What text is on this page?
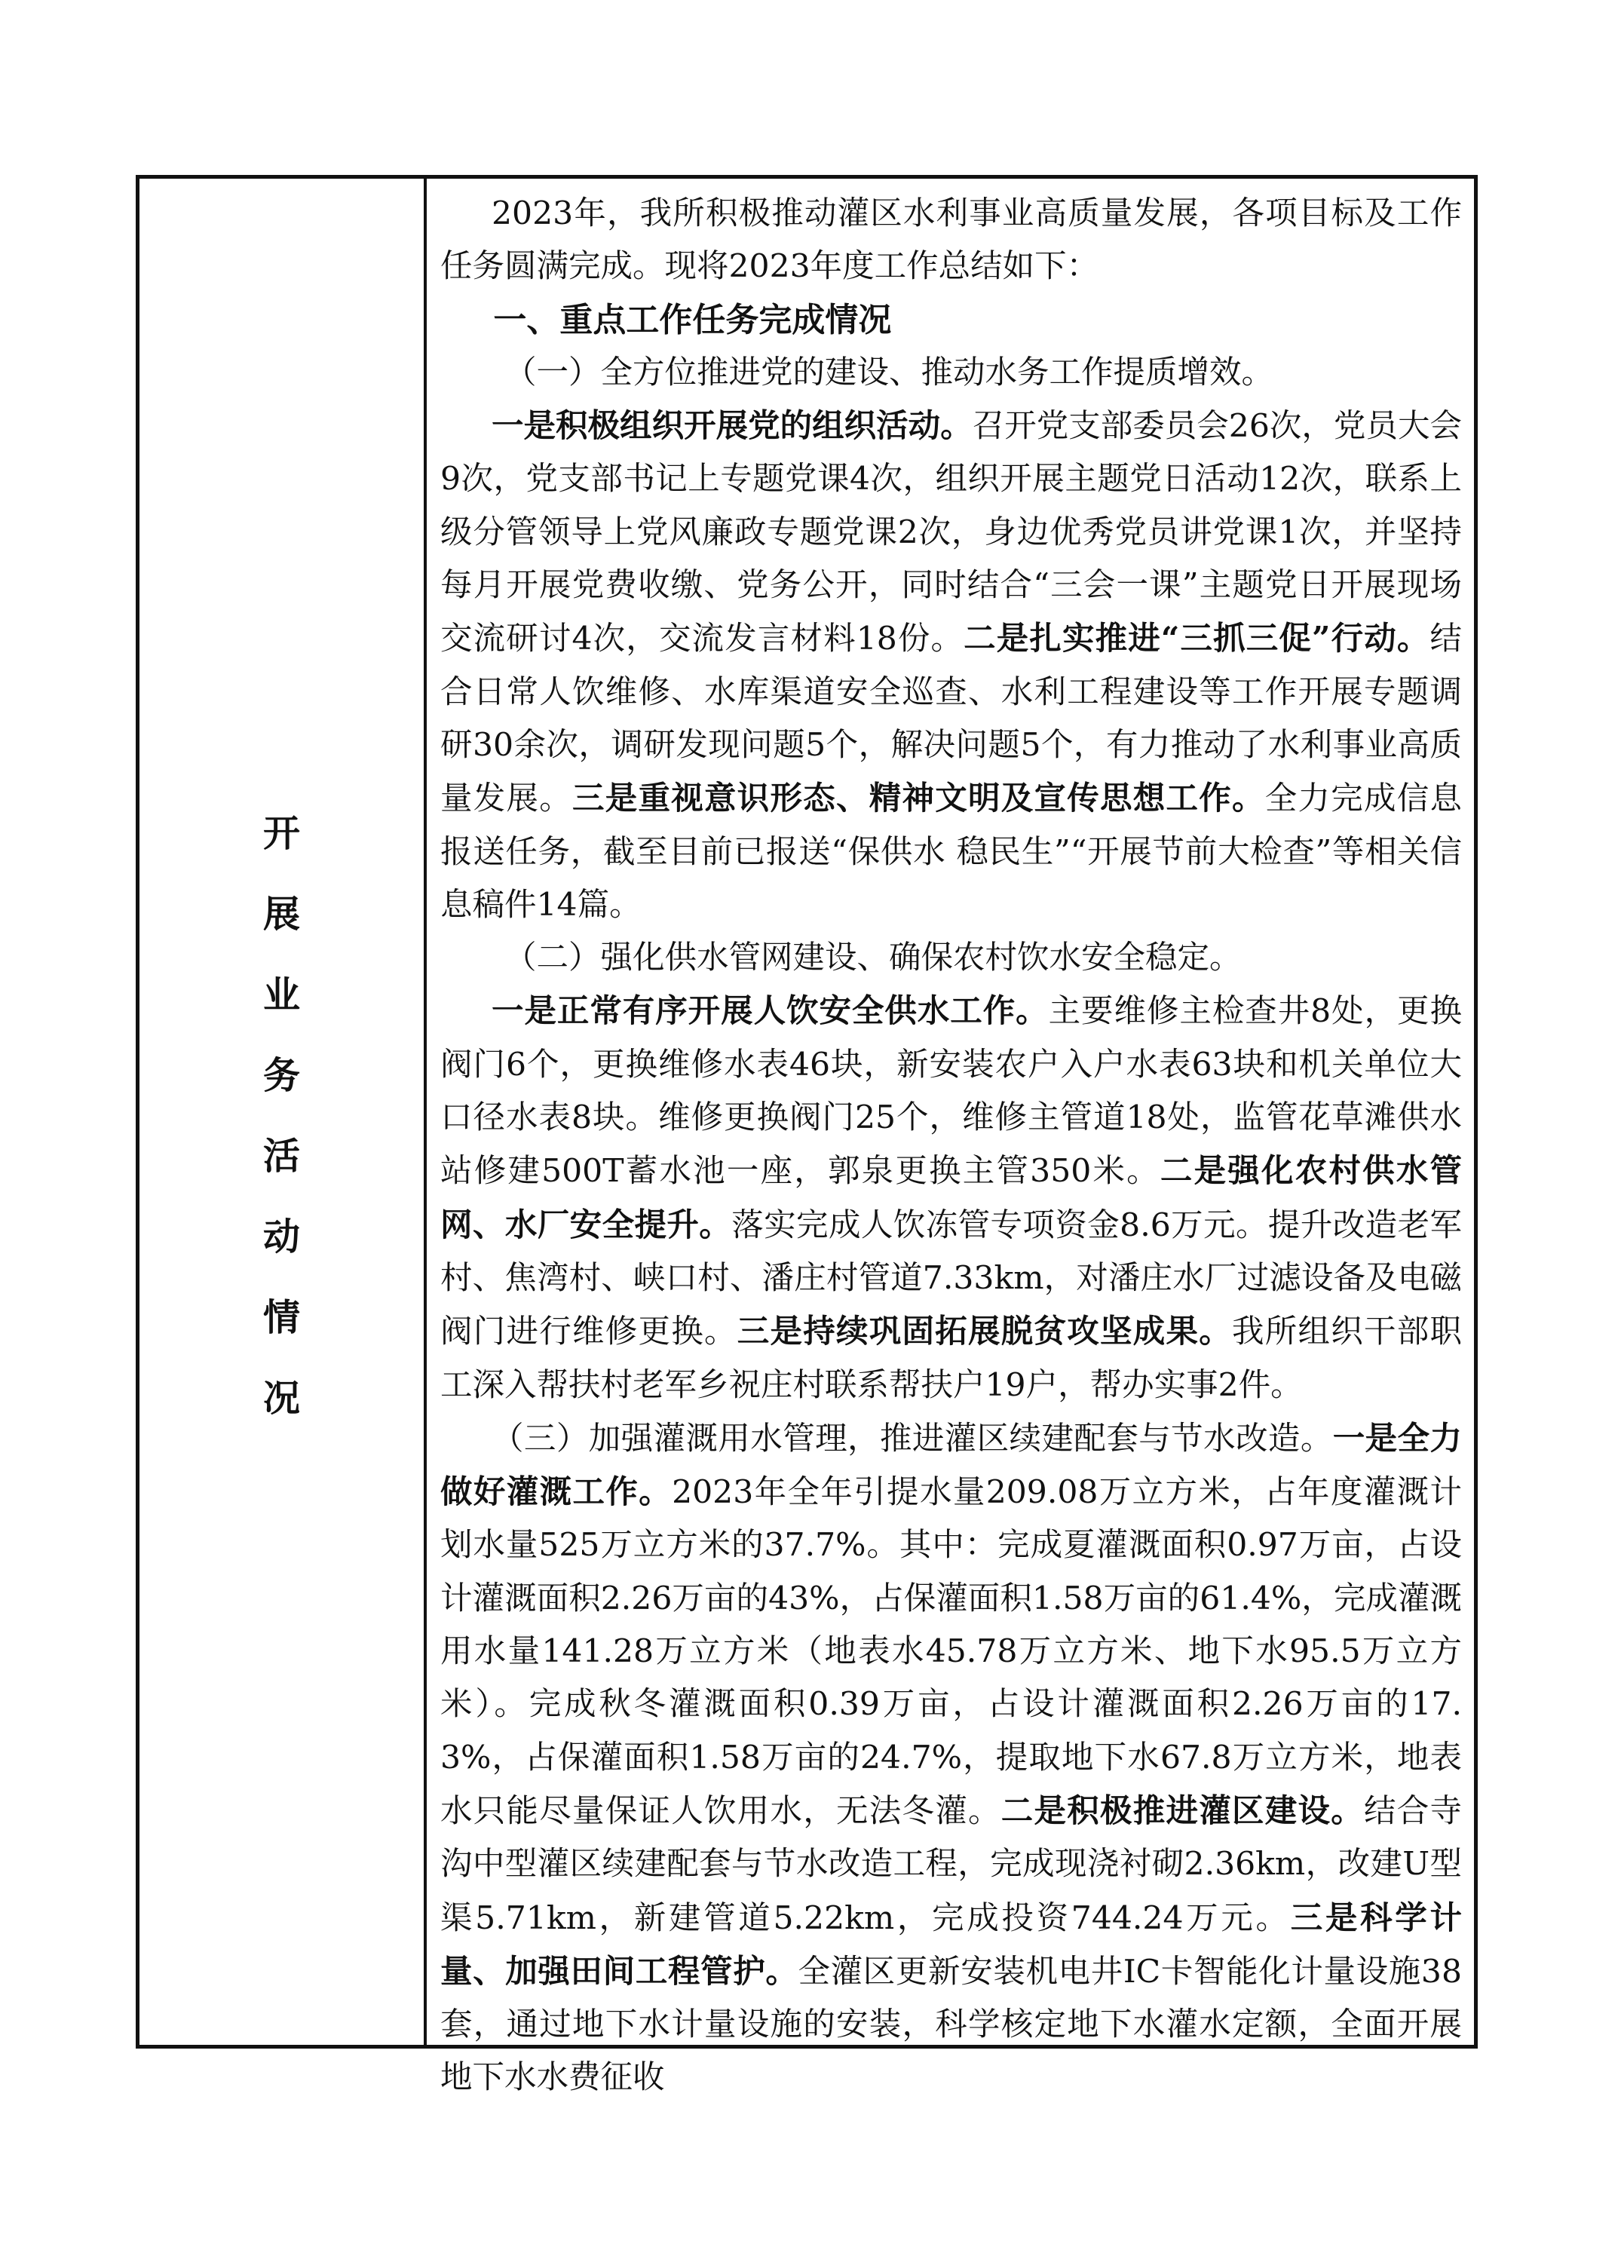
开
展
业
务
活
动
情
况

2023年，我所积极推动灌区水利事业高质量发展，各项目标及工作任务圆满完成。现将2023年度工作总结如下：

一、重点工作任务完成情况

（一）全方位推进党的建设、推动水务工作提质增效。

一是积极组织开展党的组织活动。召开党支部委员会26次，党员大会9次，党支部书记上专题党课4次，组织开展主题党日活动12次，联系上级分管领导上党风廉政专题党课2次，身边优秀党员讲党课1次，并坚持每月开展党费收缴、党务公开，同时结合“三会一课”主题党日开展现场交流研讨4次，交流发言材料18份。二是扎实推进“三抓三促”行动。结合日常人饮维修、水库渠道安全巡查、水利工程建设等工作开展专题调研30余次，调研发现问题5个，解决问题5个，有力推动了水利事业高质量发展。三是重视意识形态、精神文明及宣传思想工作。全力完成信息报送任务，截至目前已报送“保供水 稳民生”“开展节前大检查”等相关信息稿件14篇。

（二）强化供水管网建设、确保农村饮水安全稳定。

一是正常有序开展人饮安全供水工作。主要维修主检查井8处，更换阀门6个，更换维修水表46块，新安装农户入户水表63块和机关单位大口径水表8块。维修更换阀门25个，维修主管道18处，监管花草滩供水站修建500T蓄水池一座，郭泉更换主管350米。二是强化农村供水管网、水厂安全提升。落实完成人饮冻管专项资金8.6万元。提升改造老军村、焦湾村、峡口村、潘庄村管道7.33km，对潘庄水厂过滤设备及电磁阀门进行维修更换。三是持续巩固拓展脱贫攻坚成果。我所组织干部职工深入帮扶村老军乡祝庄村联系帮扶户19户，帮办实事2件。

（三）加强灌溉用水管理，推进灌区续建配套与节水改造。一是全力做好灌溉工作。2023年全年引提水量209.08万立方米，占年度灌溉计划水量525万立方米的37.7%。其中：完成夏灌溉面积0.97万亩，占设计灌溉面积2.26万亩的43%，占保灌面积1.58万亩的61.4%，完成灌溉用水量141.28万立方米（地表水45.78万立方米、地下水95.5万立方米）。完成秋冬灌溉面积0.39万亩，占设计灌溉面积2.26万亩的17.3%，占保灌面积1.58万亩的24.7%，提取地下水67.8万立方米，地表水只能尽量保证人饮用水，无法冬灌。二是积极推进灌区建设。结合寺沟中型灌区续建配套与节水改造工程，完成现浇衬砌2.36km，改建U型渠5.71km，新建管道5.22km，完成投资744.24万元。三是科学计量、加强田间工程管护。全灌区更新安装机电井IC卡智能化计量设施38套，通过地下水计量设施的安装，科学核定地下水灌水定额，全面开展地下水水费征收
